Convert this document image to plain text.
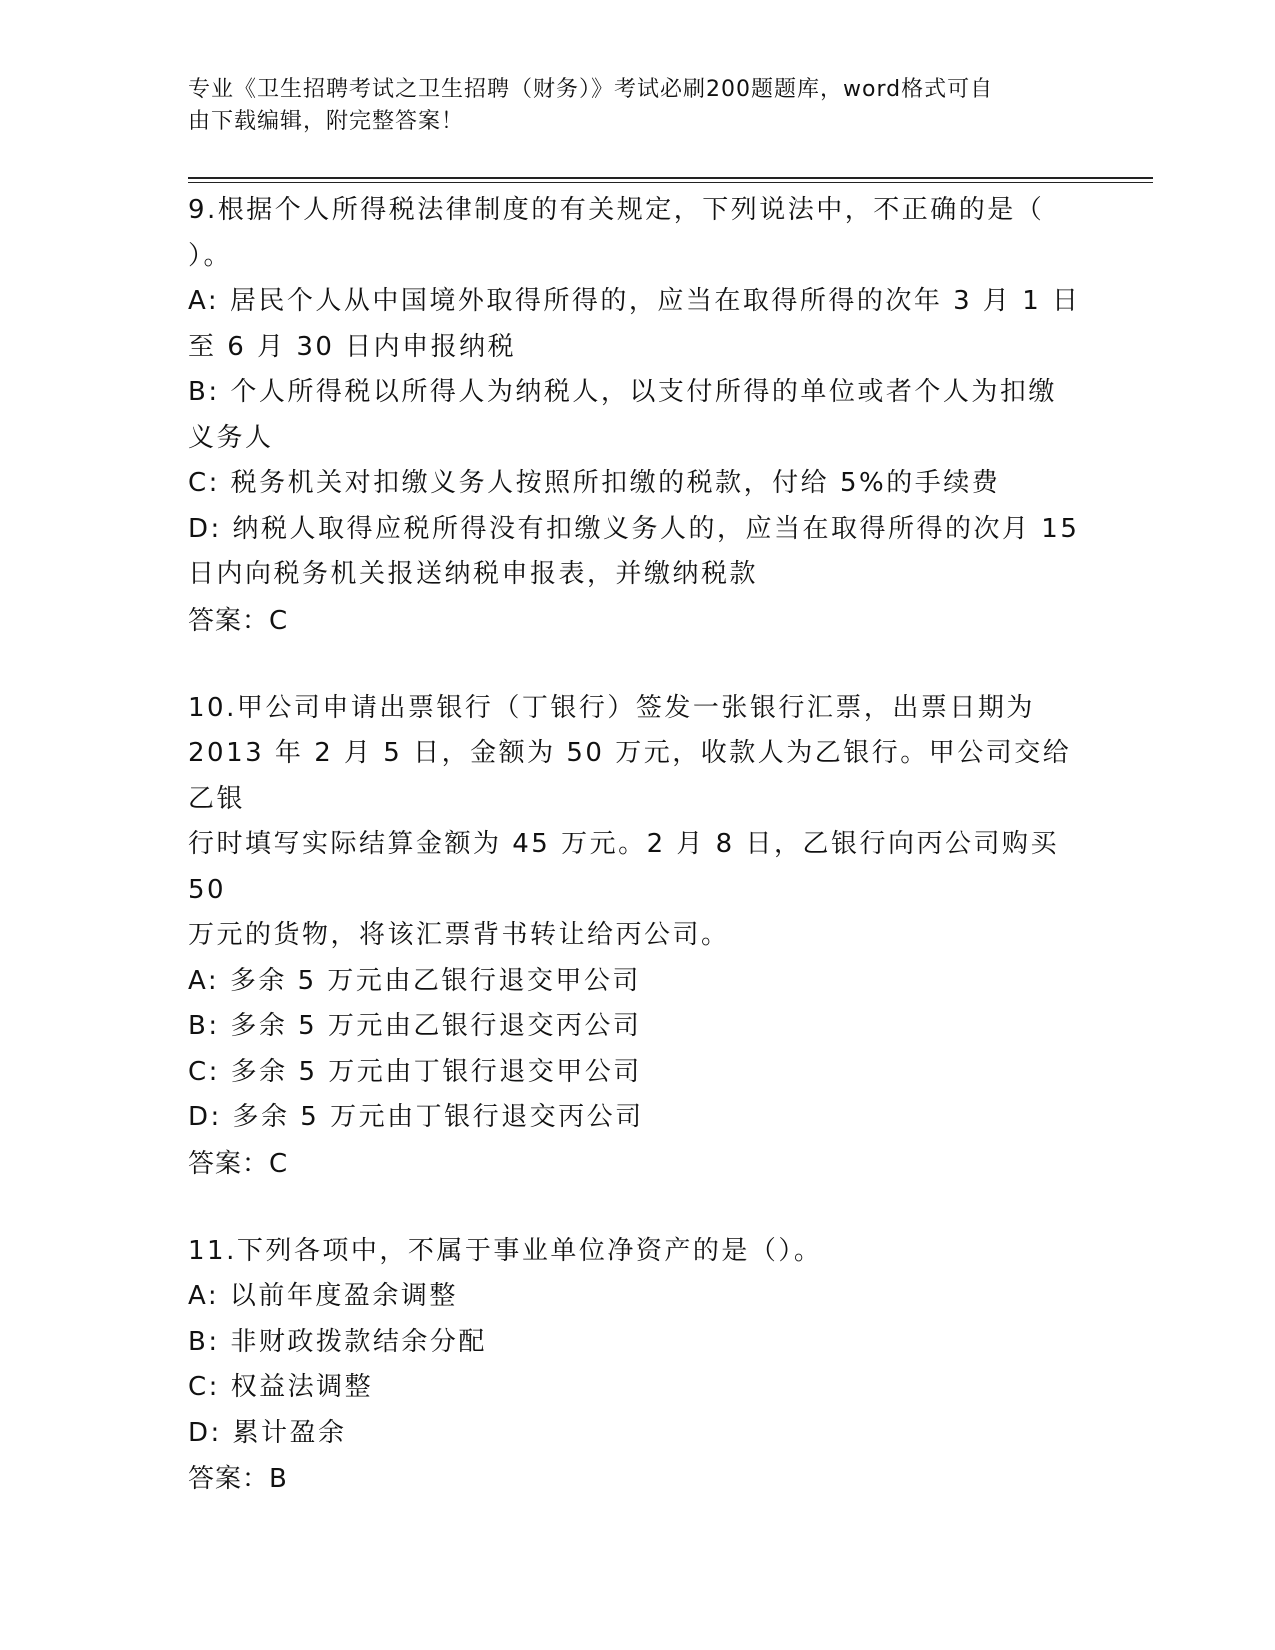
专业《卫生招聘考试之卫生招聘（财务）》考试必刷200题题库，word格式可自
由下载编辑，附完整答案！
9.根据个人所得税法律制度的有关规定，下列说法中，不正确的是（
）。
A: 居民个人从中国境外取得所得的，应当在取得所得的次年 3 月 1 日
至 6 月 30 日内申报纳税
B: 个人所得税以所得人为纳税人，以支付所得的单位或者个人为扣缴
义务人
C: 税务机关对扣缴义务人按照所扣缴的税款，付给 5%的手续费
D: 纳税人取得应税所得没有扣缴义务人的，应当在取得所得的次月 15
日内向税务机关报送纳税申报表，并缴纳税款
答案：C
10.甲公司申请出票银行（丁银行）签发一张银行汇票，出票日期为
2013 年 2 月 5 日，金额为 50 万元，收款人为乙银行。甲公司交给乙银
行时填写实际结算金额为 45 万元。2 月 8 日，乙银行向丙公司购买 50
万元的货物，将该汇票背书转让给丙公司。
A: 多余 5 万元由乙银行退交甲公司
B: 多余 5 万元由乙银行退交丙公司
C: 多余 5 万元由丁银行退交甲公司
D: 多余 5 万元由丁银行退交丙公司
答案：C
11.下列各项中，不属于事业单位净资产的是（）。
A: 以前年度盈余调整
B: 非财政拨款结余分配
C: 权益法调整
D: 累计盈余
答案：B
